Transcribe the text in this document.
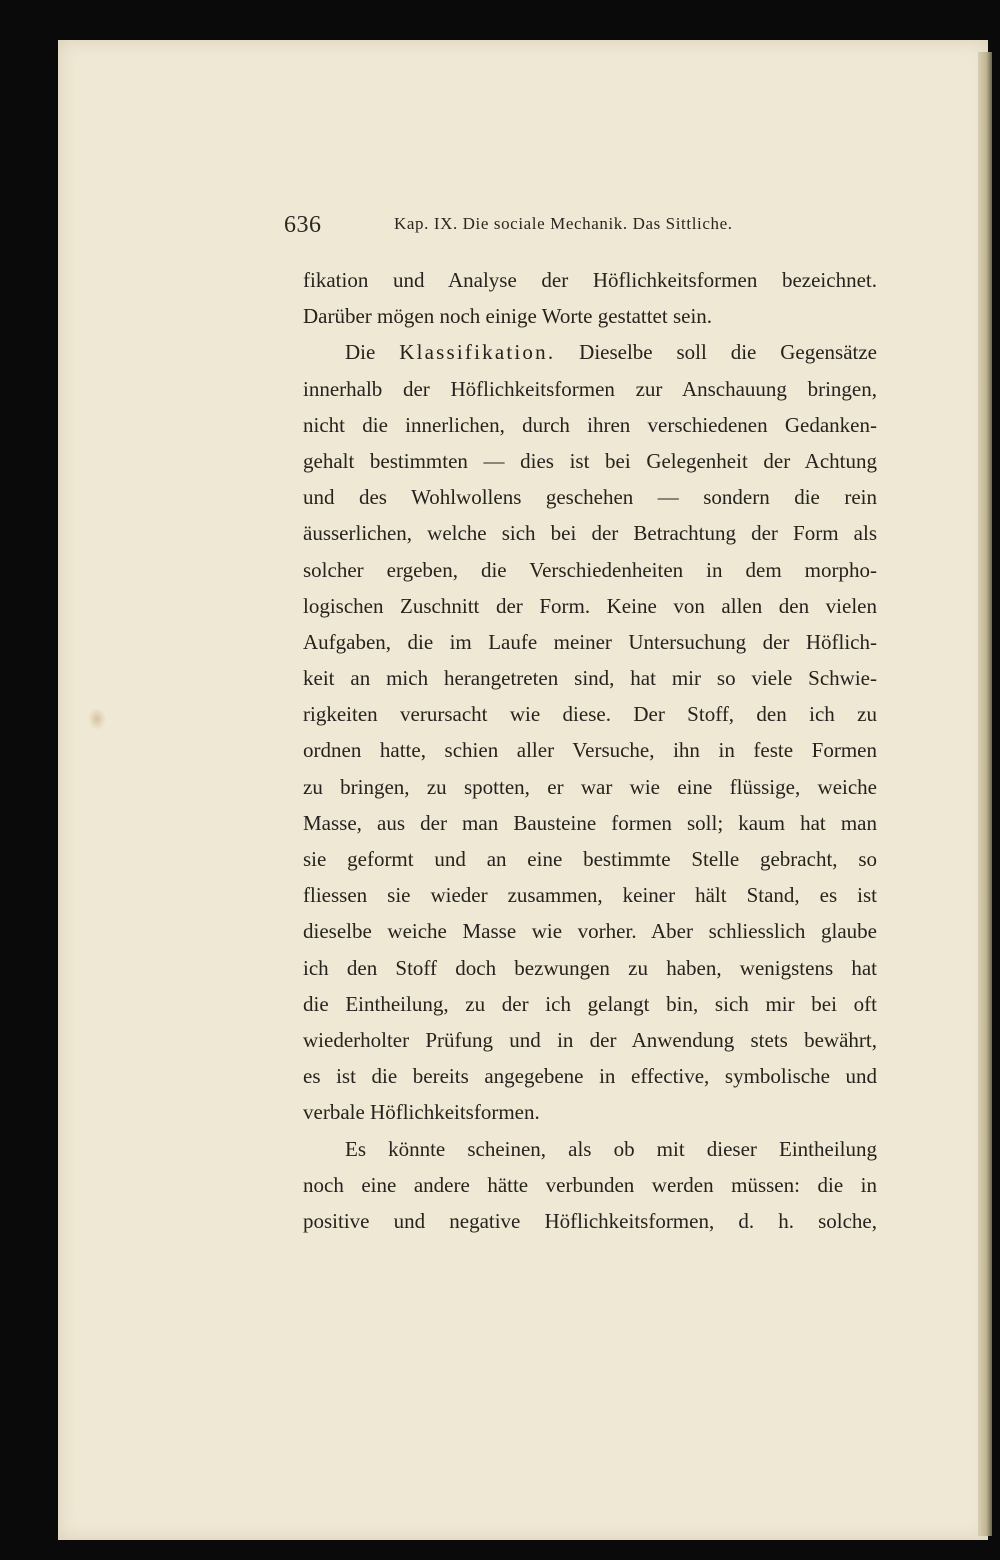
636	Kap. IX. Die sociale Mechanik. Das Sittliche.
fikation und Analyse der Höflichkeitsformen bezeichnet.
Darüber mögen noch einige Worte gestattet sein.
Die Klassifikation. Dieselbe soll die Gegensätze
innerhalb der Höflichkeitsformen zur Anschauung bringen,
nicht die innerlichen, durch ihren verschiedenen Gedanken-
gehalt bestimmten — dies ist bei Gelegenheit der Achtung
und des Wohlwollens geschehen — sondern die rein
äusserlichen, welche sich bei der Betrachtung der Form als
solcher ergeben, die Verschiedenheiten in dem morpho-
logischen Zuschnitt der Form. Keine von allen den vielen
Aufgaben, die im Laufe meiner Untersuchung der Höflich-
keit an mich herangetreten sind, hat mir so viele Schwie-
rigkeiten verursacht wie diese. Der Stoff, den ich zu
ordnen hatte, schien aller Versuche, ihn in feste Formen
zu bringen, zu spotten, er war wie eine flüssige, weiche
Masse, aus der man Bausteine formen soll; kaum hat man
sie geformt und an eine bestimmte Stelle gebracht, so
fliessen sie wieder zusammen, keiner hält Stand, es ist
dieselbe weiche Masse wie vorher. Aber schliesslich glaube
ich den Stoff doch bezwungen zu haben, wenigstens hat
die Eintheilung, zu der ich gelangt bin, sich mir bei oft
wiederholter Prüfung und in der Anwendung stets bewährt,
es ist die bereits angegebene in effective, symbolische und
verbale Höflichkeitsformen.
Es könnte scheinen, als ob mit dieser Eintheilung
noch eine andere hätte verbunden werden müssen: die in
positive und negative Höflichkeitsformen, d. h. solche,
